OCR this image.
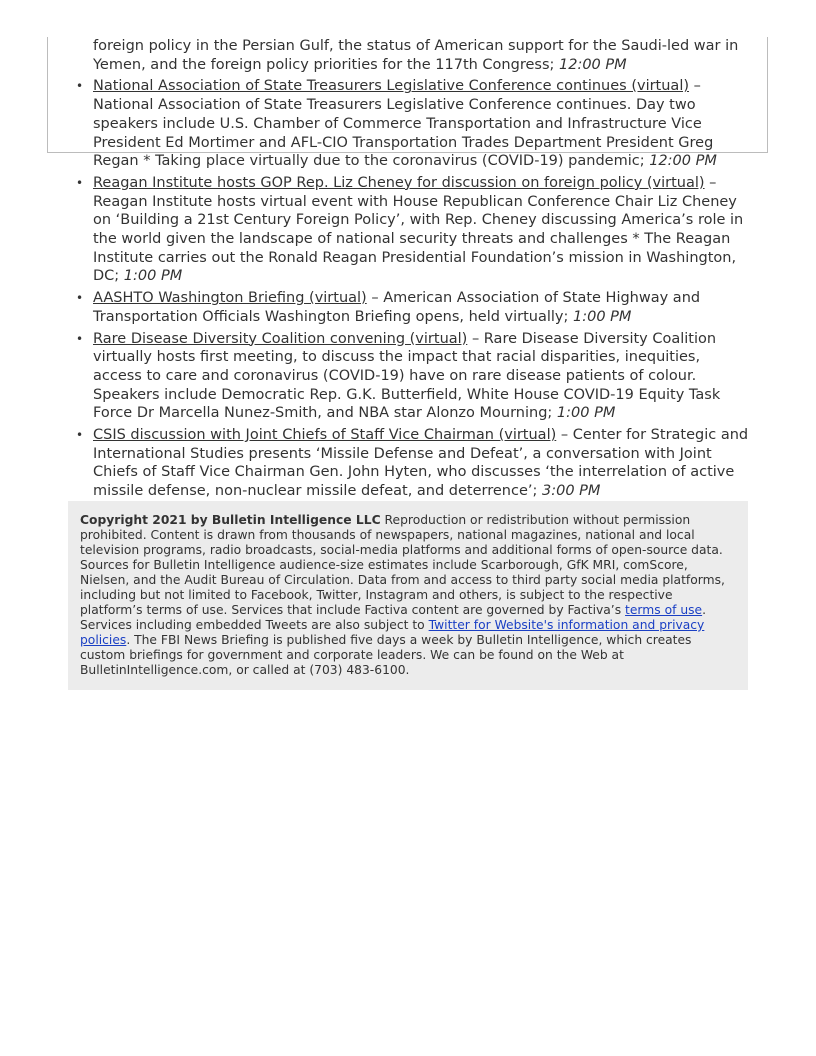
foreign policy in the Persian Gulf, the status of American support for the Saudi-led war in Yemen, and the foreign policy priorities for the 117th Congress; 12:00 PM

• National Association of State Treasurers Legislative Conference continues (virtual) – National Association of State Treasurers Legislative Conference continues. Day two speakers include U.S. Chamber of Commerce Transportation and Infrastructure Vice President Ed Mortimer and AFL-CIO Transportation Trades Department President Greg Regan * Taking place virtually due to the coronavirus (COVID-19) pandemic; 12:00 PM
• Reagan Institute hosts GOP Rep. Liz Cheney for discussion on foreign policy (virtual) – Reagan Institute hosts virtual event with House Republican Conference Chair Liz Cheney on ‘Building a 21st Century Foreign Policy’, with Rep. Cheney discussing America’s role in the world given the landscape of national security threats and challenges * The Reagan Institute carries out the Ronald Reagan Presidential Foundation’s mission in Washington, DC; 1:00 PM
• AASHTO Washington Briefing (virtual) – American Association of State Highway and Transportation Officials Washington Briefing opens, held virtually; 1:00 PM
• Rare Disease Diversity Coalition convening (virtual) – Rare Disease Diversity Coalition virtually hosts first meeting, to discuss the impact that racial disparities, inequities, access to care and coronavirus (COVID-19) have on rare disease patients of colour. Speakers include Democratic Rep. G.K. Butterfield, White House COVID-19 Equity Task Force Dr Marcella Nunez-Smith, and NBA star Alonzo Mourning; 1:00 PM
• CSIS discussion with Joint Chiefs of Staff Vice Chairman (virtual) – Center for Strategic and International Studies presents ‘Missile Defense and Defeat’, a conversation with Joint Chiefs of Staff Vice Chairman Gen. John Hyten, who discusses ‘the interrelation of active missile defense, non-nuclear missile defeat, and deterrence’; 3:00 PM
Copyright 2021 by Bulletin Intelligence LLC Reproduction or redistribution without permission prohibited. Content is drawn from thousands of newspapers, national magazines, national and local television programs, radio broadcasts, social-media platforms and additional forms of open-source data. Sources for Bulletin Intelligence audience-size estimates include Scarborough, GfK MRI, comScore, Nielsen, and the Audit Bureau of Circulation. Data from and access to third party social media platforms, including but not limited to Facebook, Twitter, Instagram and others, is subject to the respective platform’s terms of use. Services that include Factiva content are governed by Factiva’s terms of use. Services including embedded Tweets are also subject to Twitter for Website's information and privacy policies. The FBI News Briefing is published five days a week by Bulletin Intelligence, which creates custom briefings for government and corporate leaders. We can be found on the Web at BulletinIntelligence.com, or called at (703) 483-6100.
